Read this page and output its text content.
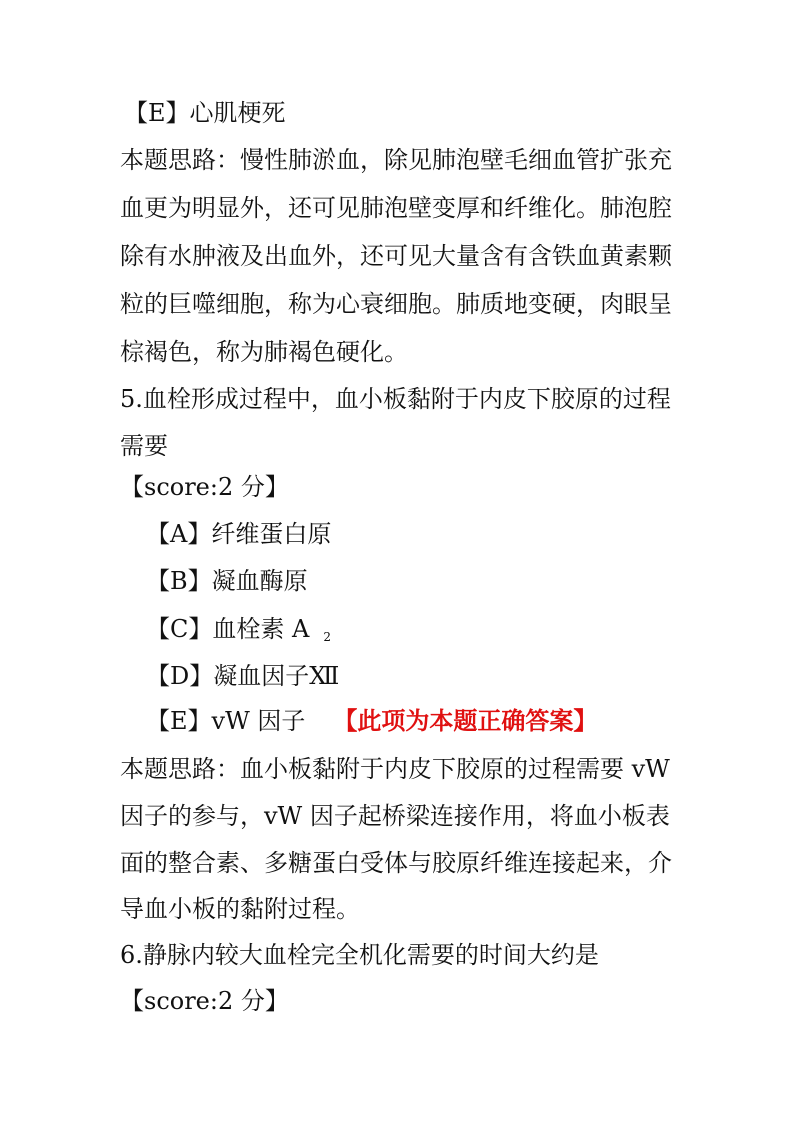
【E】心肌梗死
本题思路：慢性肺淤血，除见肺泡壁毛细血管扩张充
血更为明显外，还可见肺泡壁变厚和纤维化。肺泡腔
除有水肿液及出血外，还可见大量含有含铁血黄素颗
粒的巨噬细胞，称为心衰细胞。肺质地变硬，肉眼呈
棕褐色，称为肺褐色硬化。
5.血栓形成过程中，血小板黏附于内皮下胶原的过程
需要
【score:2 分】
【A】纤维蛋白原
【B】凝血酶原
【C】血栓素 A $_2$
【D】凝血因子Ⅻ
【E】vW 因子 【此项为本题正确答案】
本题思路：血小板黏附于内皮下胶原的过程需要 vW
因子的参与，vW 因子起桥梁连接作用，将血小板表
面的整合素、多糖蛋白受体与胶原纤维连接起来，介
导血小板的黏附过程。
6.静脉内较大血栓完全机化需要的时间大约是
【score:2 分】
